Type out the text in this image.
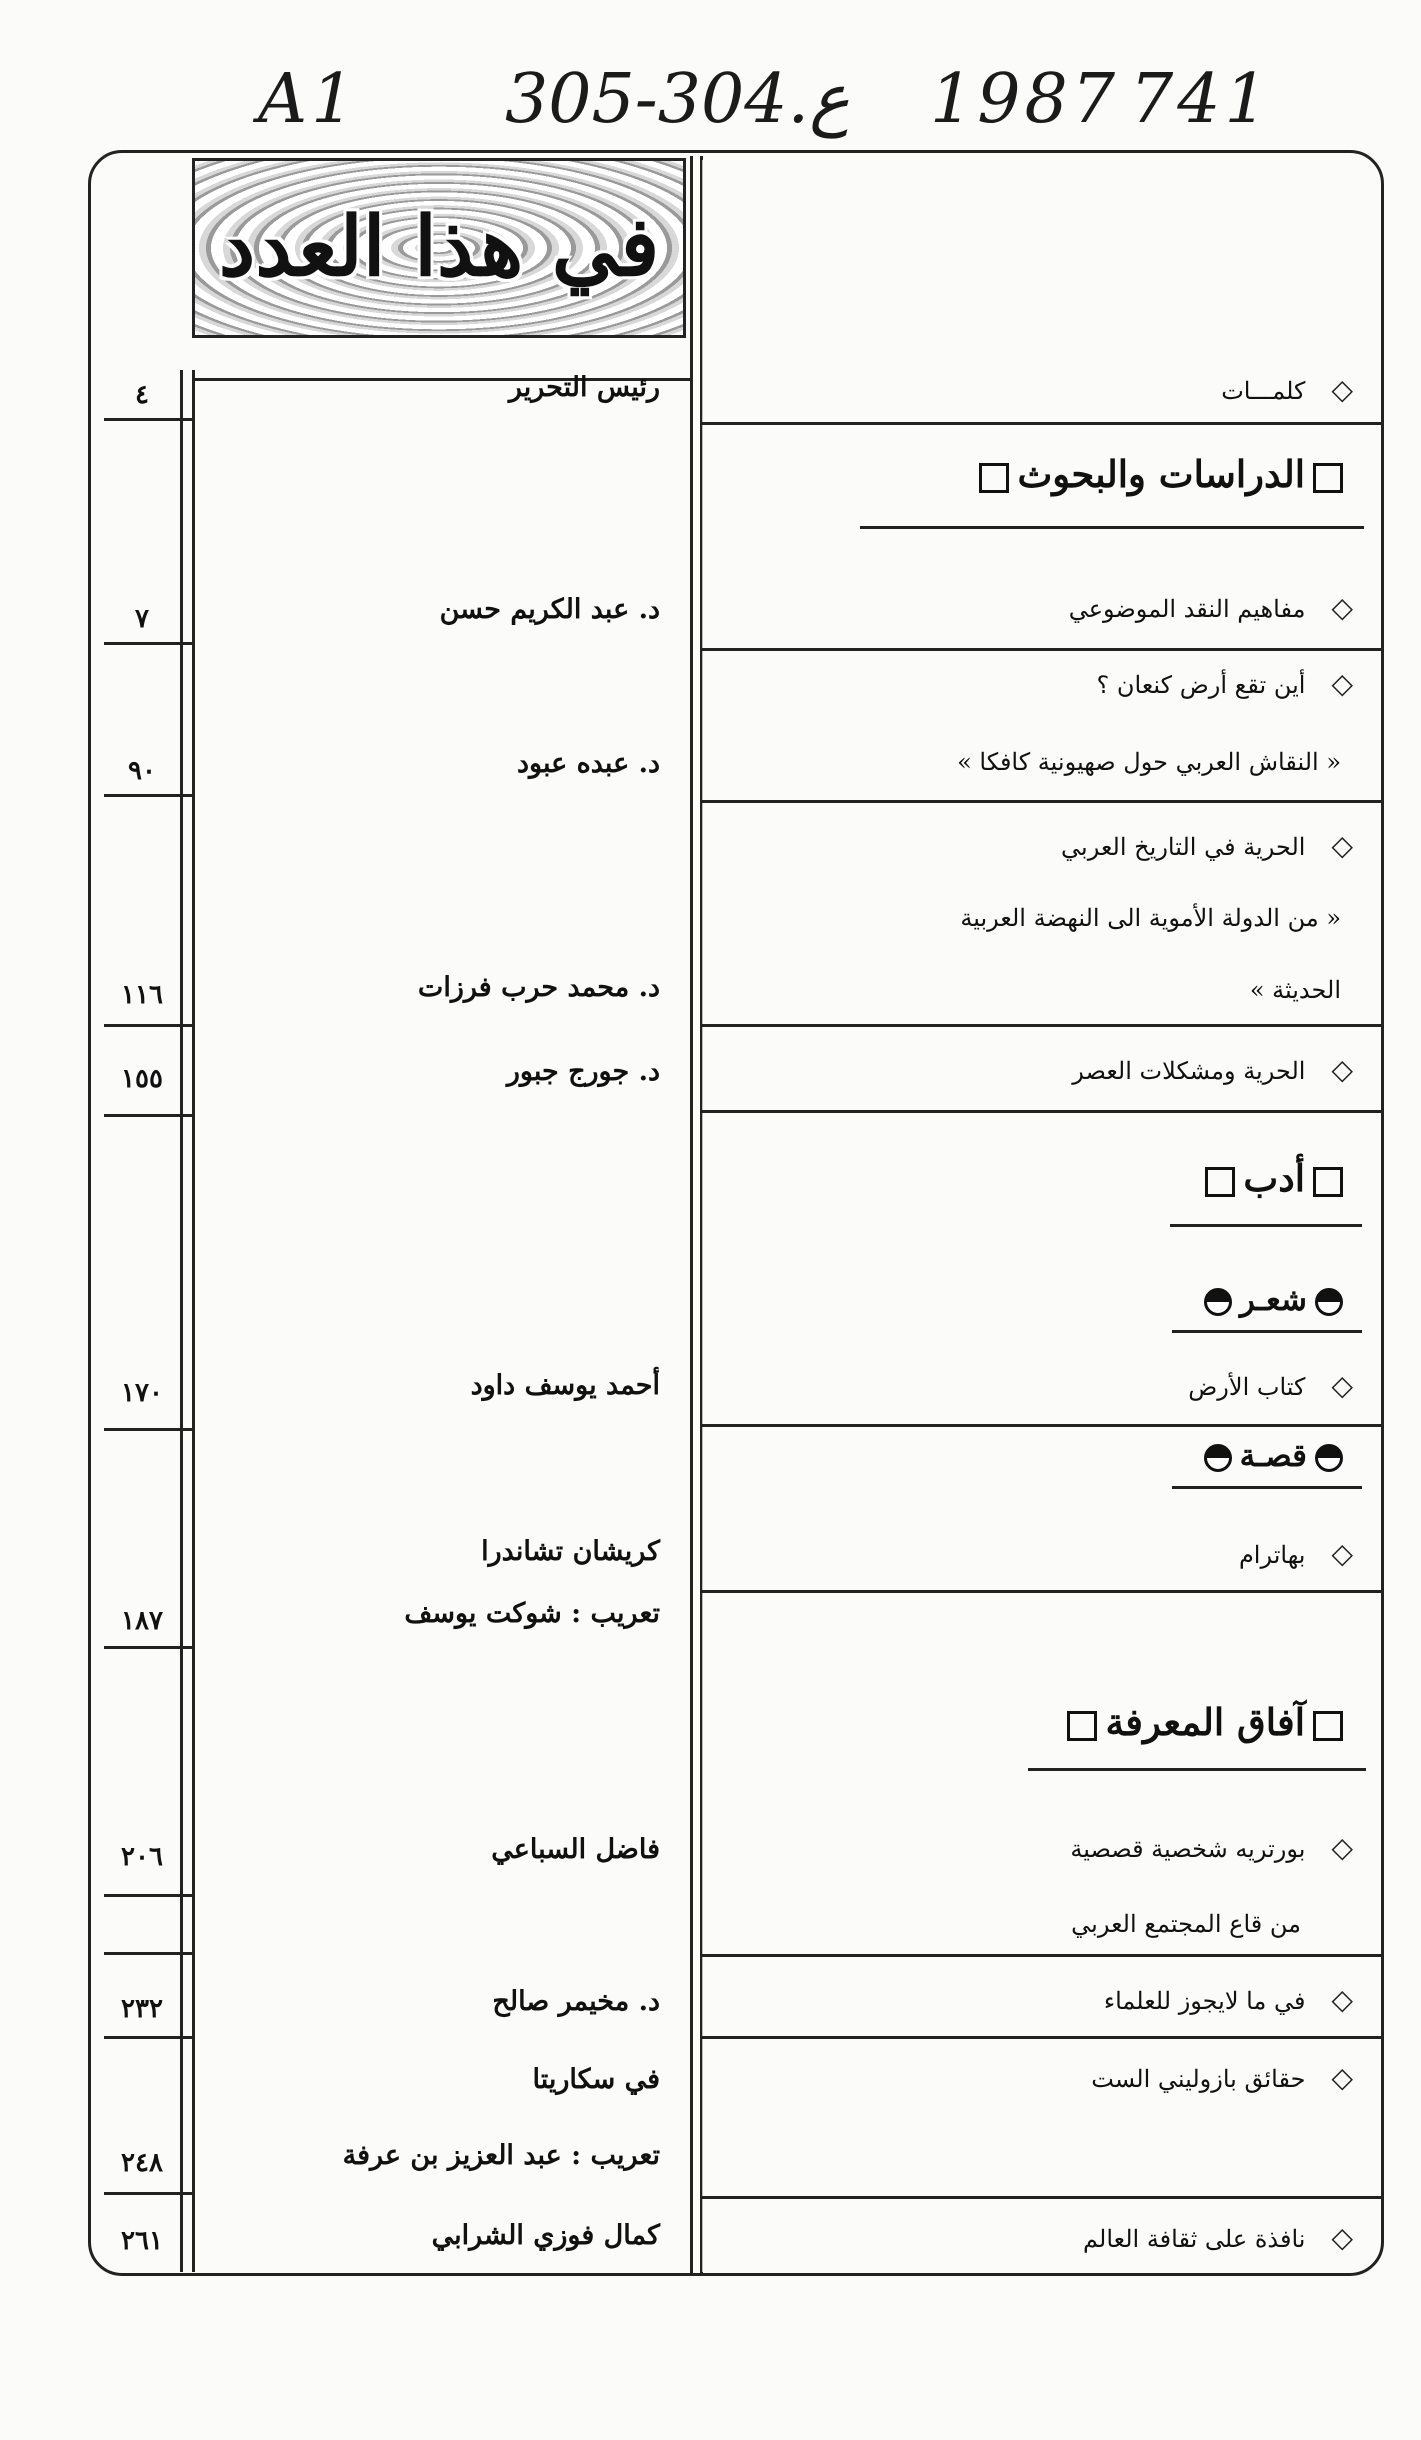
A1 305-304.ع 1987 741
في هذا العدد
◇كلمـــات
رئيس التحرير
٤
الدراسات والبحوث
◇مفاهيم النقد الموضوعي
د. عبد الكريم حسن
٧
◇أين تقع أرض كنعان ؟
« النقاش العربي حول صهيونية كافكا »
د. عبده عبود
٩٠
◇الحرية في التاريخ العربي
« من الدولة الأموية الى النهضة العربية
الحديثة »
د. محمد حرب فرزات
١١٦
◇الحرية ومشكلات العصر
د. جورج جبور
١٥٥
أدب
شعـر
◇كتاب الأرض
أحمد يوسف داود
١٧٠
قصـة
◇بهاترام
كريشان تشاندرا
تعريب : شوكت يوسف
١٨٧
آفاق المعرفة
◇بورتريه شخصية قصصية
من قاع المجتمع العربي
فاضل السباعي
٢٠٦
◇في ما لايجوز للعلماء
د. مخيمر صالح
٢٣٢
◇حقائق بازوليني الست
في سكاريتا
تعريب : عبد العزيز بن عرفة
٢٤٨
◇نافذة على ثقافة العالم
كمال فوزي الشرابي
٢٦١
